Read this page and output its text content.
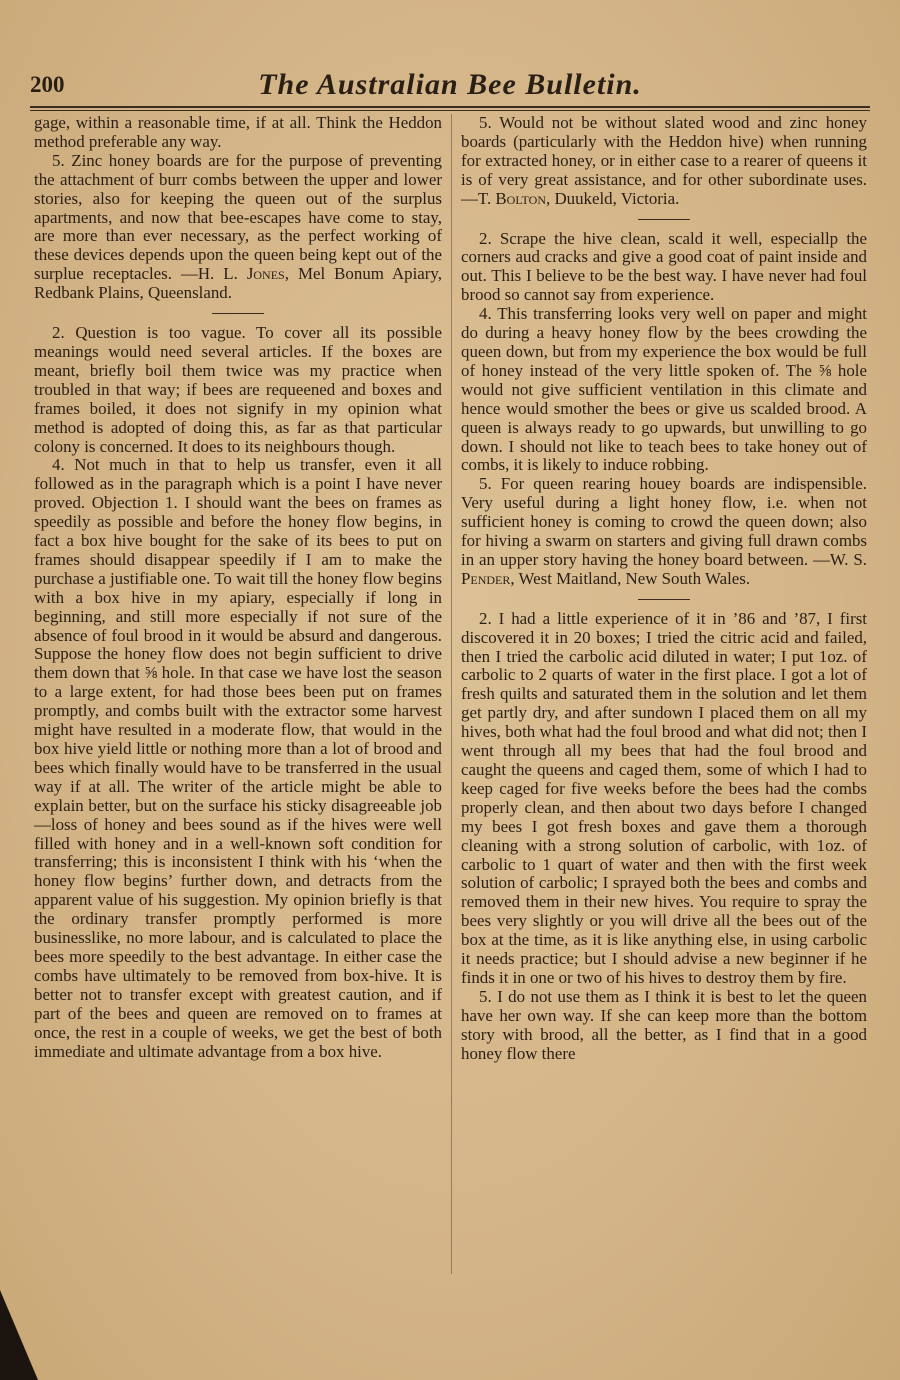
200	The Australian Bee Bulletin.

gage, within a reasonable time, if at all. Think the Heddon method preferable any way.

5. Zinc honey boards are for the purpose of preventing the attachment of burr combs between the upper and lower stories, also for keeping the queen out of the surplus apartments, and now that bee-escapes have come to stay, are more than ever necessary, as the perfect working of these devices depends upon the queen being kept out of the surplue receptacles. —H. L. Jones, Mel Bonum Apiary, Redbank Plains, Queensland.

2. Question is too vague. To cover all its possible meanings would need several articles. If the boxes are meant, briefly boil them twice was my practice when troubled in that way; if bees are requeened and boxes and frames boiled, it does not signify in my opinion what method is adopted of doing this, as far as that particular colony is concerned. It does to its neighbours though.

4. Not much in that to help us transfer, even it all followed as in the paragraph which is a point I have never proved. Objection 1. I should want the bees on frames as speedily as possible and before the honey flow begins, in fact a box hive bought for the sake of its bees to put on frames should disappear speedily if I am to make the purchase a justifiable one. To wait till the honey flow begins with a box hive in my apiary, especially if long in beginning, and still more especially if not sure of the absence of foul brood in it would be absurd and dangerous. Suppose the honey flow does not begin sufficient to drive them down that ⅝ hole. In that case we have lost the season to a large extent, for had those bees been put on frames promptly, and combs built with the extractor some harvest might have resulted in a moderate flow, that would in the box hive yield little or nothing more than a lot of brood and bees which finally would have to be transferred in the usual way if at all. The writer of the article might be able to explain better, but on the surface his sticky disagreeable job—loss of honey and bees sound as if the hives were well filled with honey and in a well-known soft condition for transferring; this is inconsistent I think with his ‘when the honey flow begins’ further down, and detracts from the apparent value of his suggestion. My opinion briefly is that the ordinary transfer promptly performed is more businesslike, no more labour, and is calculated to place the bees more speedily to the best advantage. In either case the combs have ultimately to be removed from box-hive. It is better not to transfer except with greatest caution, and if part of the bees and queen are removed on to frames at once, the rest in a couple of weeks, we get the best of both immediate and ultimate advantage from a box hive.

5. Would not be without slated wood and zinc honey boards (particularly with the Heddon hive) when running for extracted honey, or in either case to a rearer of queens it is of very great assistance, and for other subordinate uses.—T. Bolton, Duukeld, Victoria.

2. Scrape the hive clean, scald it well, especiallp the corners aud cracks and give a good coat of paint inside and out. This I believe to be the best way. I have never had foul brood so cannot say from experience.

4. This transferring looks very well on paper and might do during a heavy honey flow by the bees crowding the queen down, but from my experience the box would be full of honey instead of the very little spoken of. The ⅝ hole would not give sufficient ventilation in this climate and hence would smother the bees or give us scalded brood. A queen is always ready to go upwards, but unwilling to go down. I should not like to teach bees to take honey out of combs, it is likely to induce robbing.

5. For queen rearing houey boards are indispensible. Very useful during a light honey flow, i.e. when not sufficient honey is coming to crowd the queen down; also for hiving a swarm on starters and giving full drawn combs in an upper story having the honey board between. —W. S. Pender, West Maitland, New South Wales.

2. I had a little experience of it in ’86 and ’87, I first discovered it in 20 boxes; I tried the citric acid and failed, then I tried the carbolic acid diluted in water; I put 1oz. of carbolic to 2 quarts of water in the first place. I got a lot of fresh quilts and saturated them in the solution and let them get partly dry, and after sundown I placed them on all my hives, both what had the foul brood and what did not; then I went through all my bees that had the foul brood and caught the queens and caged them, some of which I had to keep caged for five weeks before the bees had the combs properly clean, and then about two days before I changed my bees I got fresh boxes and gave them a thorough cleaning with a strong solution of carbolic, with 1oz. of carbolic to 1 quart of water and then with the first week solution of carbolic; I sprayed both the bees and combs and removed them in their new hives. You require to spray the bees very slightly or you will drive all the bees out of the box at the time, as it is like anything else, in using carbolic it needs practice; but I should advise a new beginner if he finds it in one or two of his hives to destroy them by fire.

5. I do not use them as I think it is best to let the queen have her own way. If she can keep more than the bottom story with brood, all the better, as I find that in a good honey flow there
